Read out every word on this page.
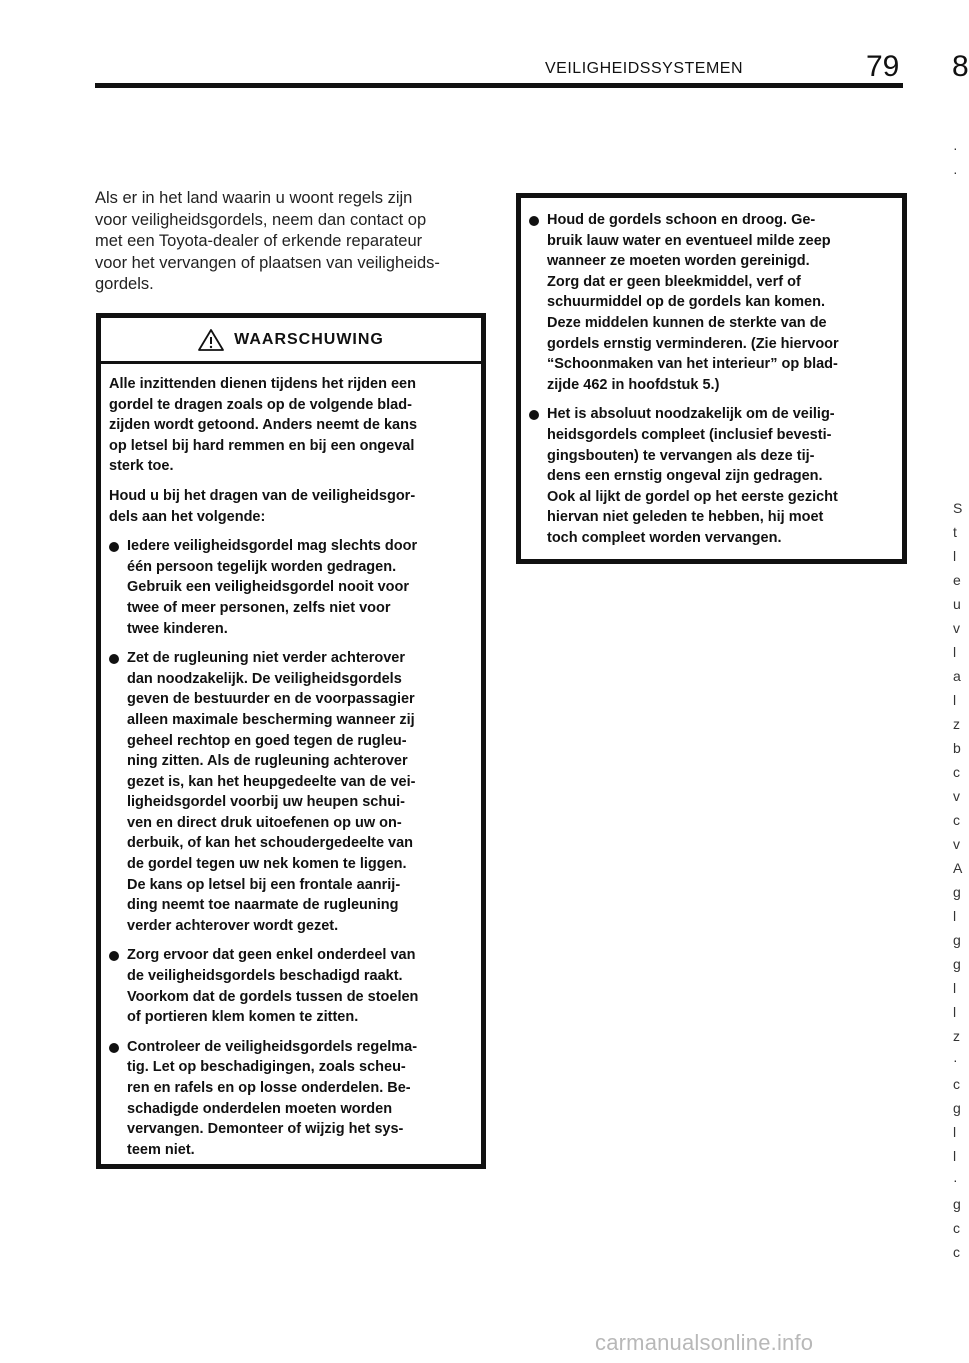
VEILIGHEIDSSYSTEMEN	79 8

Als er in het land waarin u woont regels zijn

voor veiligheidsgordels, neem dan contact op

met een Toyota-dealer of erkende reparateur

voor het vervangen of plaatsen van veiligheids-

gordels.

WAARSCHUWING

Alle inzittenden dienen tijdens het rijden een

gordel te dragen zoals op de volgende blad-

zijden wordt getoond. Anders neemt de kans

op letsel bij hard remmen en bij een ongeval

sterk toe.

Houd u bij het dragen van de veiligheidsgor-

dels aan het volgende:

Iedere veiligheidsgordel mag slechts door

één persoon tegelijk worden gedragen.

Gebruik een veiligheidsgordel nooit voor

twee of meer personen, zelfs niet voor

twee kinderen.

Zet de rugleuning niet verder achterover

dan noodzakelijk. De veiligheidsgordels

geven de bestuurder en de voorpassagier

alleen maximale bescherming wanneer zij

geheel rechtop en goed tegen de rugleu-

ning zitten. Als de rugleuning achterover

gezet is, kan het heupgedeelte van de vei-

ligheidsgordel voorbij uw heupen schui-

ven en direct druk uitoefenen op uw on-

derbuik, of kan het schoudergedeelte van

de gordel tegen uw nek komen te liggen.

De kans op letsel bij een frontale aanrij-

ding neemt toe naarmate de rugleuning

verder achterover wordt gezet.

Zorg ervoor dat geen enkel onderdeel van

de veiligheidsgordels beschadigd raakt.

Voorkom dat de gordels tussen de stoelen

of portieren klem komen te zitten.

Controleer de veiligheidsgordels regelma-

tig. Let op beschadigingen, zoals scheu-

ren en rafels en op losse onderdelen. Be-

schadigde onderdelen moeten worden

vervangen. Demonteer of wijzig het sys-

teem niet.

Houd de gordels schoon en droog. Ge-

bruik lauw water en eventueel milde zeep

wanneer ze moeten worden gereinigd.

Zorg dat er geen bleekmiddel, verf of

schuurmiddel op de gordels kan komen.

Deze middelen kunnen de sterkte van de

gordels ernstig verminderen. (Zie hiervoor

“Schoonmaken van het interieur” op blad-

zijde 462 in hoofdstuk 5.)

Het is absoluut noodzakelijk om de veilig-

heidsgordels compleet (inclusief bevesti-

gingsbouten) te vervangen als deze tij-

dens een ernstig ongeval zijn gedragen.

Ook al lijkt de gordel op het eerste gezicht

hiervan niet geleden te hebben, hij moet

toch compleet worden vervangen.

·

·

S

t

l

e

u

v

l

a

l

z

b

c

v

c

v

A

g

l

g

g

l

l

z

·

c

g

l

l

·

g

c

c

carmanualsonline.info
